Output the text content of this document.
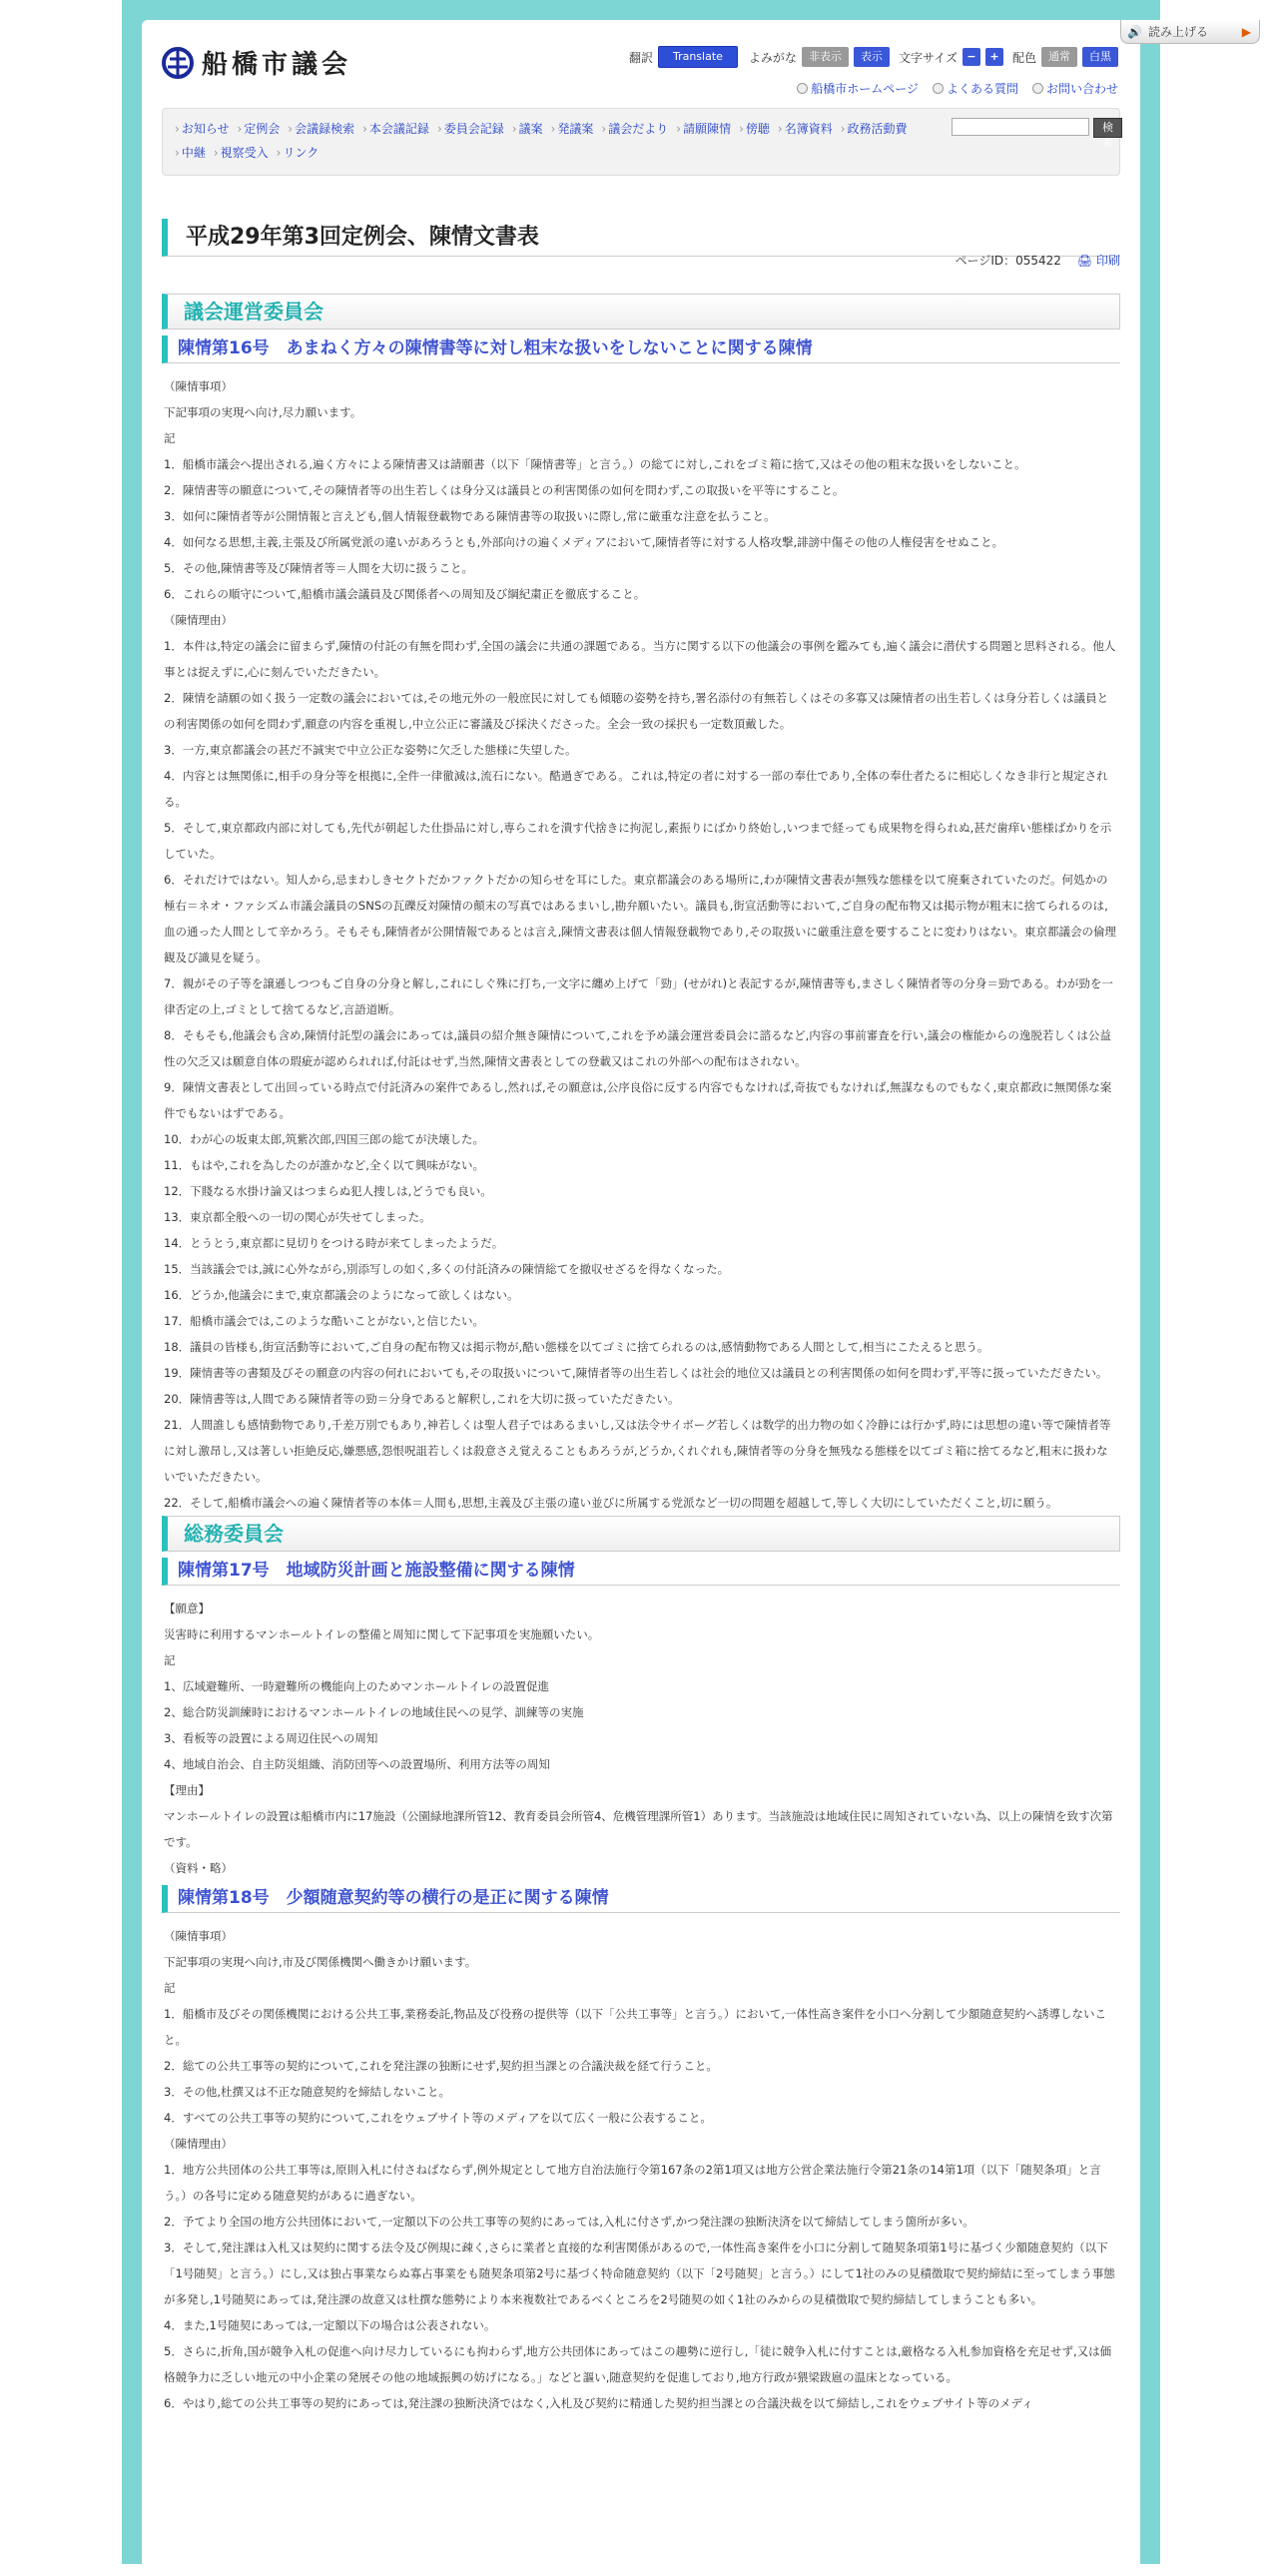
🔊 読み上げる	▶
船橋市議会	翻訳	Translate	よみがな	非表示	表示	文字サイズ −	+	配色	通常	白黒
船橋市ホームページ よくある質問 お問い合わせ
› お知らせ	› 定例会	› 会議録検索	› 本会議記録	› 委員会記録	› 議案	› 発議案	› 議会だより	› 請願陳情	› 傍聴	› 名簿資料	› 政務活動費
› 中継	› 視察受入	› リンク
検索
平成29年第3回定例会、陳情文書表
ページID：055422 🖨 印刷
議会運営委員会
陳情第16号　あまねく方々の陳情書等に対し粗末な扱いをしないことに関する陳情

（陳情事項）

下記事項の実現へ向け,尽力願います。

記

1．船橋市議会へ提出される,遍く方々による陳情書又は請願書（以下「陳情書等」と言う。）の総てに対し,これをゴミ箱に捨て,又はその他の粗末な扱いをしないこと。

2．陳情書等の願意について,その陳情者等の出生若しくは身分又は議員との利害関係の如何を問わず,この取扱いを平等にすること。

3．如何に陳情者等が公開情報と言えども,個人情報登載物である陳情書等の取扱いに際し,常に厳重な注意を払うこと。

4．如何なる思想,主義,主張及び所属党派の違いがあろうとも,外部向けの遍くメディアにおいて,陳情者等に対する人格攻撃,誹謗中傷その他の人権侵害をせぬこと。

5．その他,陳情書等及び陳情者等＝人間を大切に扱うこと。

6．これらの順守について,船橋市議会議員及び関係者への周知及び綱紀粛正を徹底すること。

（陳情理由）

1．本件は,特定の議会に留まらず,陳情の付託の有無を問わず,全国の議会に共通の課題である。当方に関する以下の他議会の事例を鑑みても,遍く議会に潜伏する問題と思料される。他人事とは捉えずに,心に刻んでいただきたい。

2．陳情を請願の如く扱う一定数の議会においては,その地元外の一般庶民に対しても傾聴の姿勢を持ち,署名添付の有無若しくはその多寡又は陳情者の出生若しくは身分若しくは議員との利害関係の如何を問わず,願意の内容を重視し,中立公正に審議及び採決くださった。全会一致の採択も一定数頂戴した。

3．一方,東京都議会の甚だ不誠実で中立公正な姿勢に欠乏した態様に失望した。

4．内容とは無関係に,相手の身分等を根拠に,全件一律徹減は,流石にない。酷過ぎである。これは,特定の者に対する一部の奉仕であり,全体の奉仕者たるに相応しくなき非行と規定される。

5．そして,東京都政内部に対しても,先代が朝起した仕掛品に対し,専らこれを潰す代捨きに拘泥し,素振りにばかり終始し,いつまで経っても成果物を得られぬ,甚だ歯痒い態様ばかりを示していた。

6．それだけではない。知人から,忌まわしきセクトだかファクトだかの知らせを耳にした。東京都議会のある場所に,わが陳情文書表が無残な態様を以て廃棄されていたのだ。何処かの極右＝ネオ・ファシズム市議会議員のSNSの瓦礫反対陳情の顛末の写真ではあるまいし,勘弁願いたい。議員も,街宣活動等において,ご自身の配布物又は掲示物が粗末に捨てられるのは,血の通った人間として辛かろう。そもそも,陳情者が公開情報であるとは言え,陳情文書表は個人情報登載物であり,その取扱いに厳重注意を要することに変わりはない。東京都議会の倫理観及び識見を疑う。

7．親がその子等を譲遜しつつもご自身の分身と解し,これにしぐ殊に打ち,一文字に纏め上げて「勁」(せがれ)と表記するが,陳情書等も,まさしく陳情者等の分身＝勁である。わが勁を一律否定の上,ゴミとして捨てるなど,言語道断。

8．そもそも,他議会も含め,陳情付託型の議会にあっては,議員の紹介無き陳情について,これを予め議会運営委員会に諮るなど,内容の事前審査を行い,議会の権能からの逸脱若しくは公益性の欠乏又は願意自体の瑕疵が認められれば,付託はせず,当然,陳情文書表としての登載又はこれの外部への配布はされない。

9．陳情文書表として出回っている時点で付託済みの案件であるし,然れば,その願意は,公序良俗に反する内容でもなければ,奇抜でもなければ,無謀なものでもなく,東京都政に無関係な案件でもないはずである。

10．わが心の坂東太郎,筑紫次郎,四国三郎の総てが決壊した。

11．もはや,これを為したのが誰かなど,全く以て興味がない。

12．下賤なる水掛け論又はつまらぬ犯人捜しは,どうでも良い。

13．東京都全般への一切の関心が失せてしまった。

14．とうとう,東京都に見切りをつける時が来てしまったようだ。

15．当該議会では,誠に心外ながら,別添写しの如く,多くの付託済みの陳情総てを撤収せざるを得なくなった。

16．どうか,他議会にまで,東京都議会のようになって欲しくはない。

17．船橋市議会では,このような酷いことがない,と信じたい。

18．議員の皆様も,街宣活動等において,ご自身の配布物又は掲示物が,酷い態様を以てゴミに捨てられるのは,感情動物である人間として,相当にこたえると思う。

19．陳情書等の書類及びその願意の内容の何れにおいても,その取扱いについて,陳情者等の出生若しくは社会的地位又は議員との利害関係の如何を問わず,平等に扱っていただきたい。

20．陳情書等は,人間である陳情者等の勁＝分身であると解釈し,これを大切に扱っていただきたい。

21．人間誰しも感情動物であり,千差万別でもあり,神若しくは聖人君子ではあるまいし,又は法令サイボーグ若しくは数学的出力物の如く冷静には行かず,時には思想の違い等で陳情者等に対し激昂し,又は著しい拒絶反応,嫌悪感,怨恨呪詛若しくは殺意さえ覚えることもあろうが,どうか,くれぐれも,陳情者等の分身を無残なる態様を以てゴミ箱に捨てるなど,粗末に扱わないでいただきたい。

22．そして,船橋市議会への遍く陳情者等の本体＝人間も,思想,主義及び主張の違い並びに所属する党派など一切の問題を超越して,等しく大切にしていただくこと,切に願う。

総務委員会
陳情第17号　地域防災計画と施設整備に関する陳情

【願意】

災害時に利用するマンホールトイレの整備と周知に関して下記事項を実施願いたい。

記

1、広域避難所、一時避難所の機能向上のためマンホールトイレの設置促進

2、総合防災訓練時におけるマンホールトイレの地域住民への見学、訓練等の実施

3、看板等の設置による周辺住民への周知

4、地域自治会、自主防災組織、消防団等への設置場所、利用方法等の周知

【理由】

マンホールトイレの設置は船橋市内に17施設（公園緑地課所管12、教育委員会所管4、危機管理課所管1）あります。当該施設は地域住民に周知されていない為、以上の陳情を致す次第です。

（資料・略）

陳情第18号　少額随意契約等の横行の是正に関する陳情

（陳情事項）

下記事項の実現へ向け,市及び関係機関へ働きかけ願います。

記

1．船橋市及びその関係機関における公共工事,業務委託,物品及び役務の提供等（以下「公共工事等」と言う。）において,一体性高き案件を小口へ分割して少額随意契約へ誘導しないこと。

2．総ての公共工事等の契約について,これを発注課の独断にせず,契約担当課との合議決裁を経て行うこと。

3．その他,杜撰又は不正な随意契約を締結しないこと。

4．すべての公共工事等の契約について,これをウェブサイト等のメディアを以て広く一般に公表すること。

（陳情理由）

1．地方公共団体の公共工事等は,原則入札に付さねばならず,例外規定として地方自治法施行令第167条の2第1項又は地方公営企業法施行令第21条の14第1項（以下「随契条項」と言う。）の各号に定める随意契約があるに過ぎない。

2．予てより全国の地方公共団体において,一定額以下の公共工事等の契約にあっては,入札に付さず,かつ発注課の独断決済を以て締結してしまう箇所が多い。

3．そして,発注課は入札又は契約に関する法令及び例規に疎く,さらに業者と直接的な利害関係があるので,一体性高き案件を小口に分割して随契条項第1号に基づく少額随意契約（以下「1号随契」と言う。）にし,又は独占事業ならぬ寡占事業をも随契条項第2号に基づく特命随意契約（以下「2号随契」と言う。）にして1社のみの見積徴取で契約締結に至ってしまう事態が多発し,1号随契にあっては,発注課の故意又は杜撰な態勢により本来複数社であるべくところを2号随契の如く1社のみからの見積徴取で契約締結してしまうことも多い。

4．また,1号随契にあっては,一定額以下の場合は公表されない。

5．さらに,折角,国が競争入札の促進へ向け尽力しているにも拘わらず,地方公共団体にあってはこの趣勢に逆行し,「徒に競争入札に付すことは,厳格なる入札参加資格を充足せず,又は価格競争力に乏しい地元の中小企業の発展その他の地域振興の妨げになる。」などと謳い,随意契約を促進しており,地方行政が猥梁跋扈の温床となっている。

6．やはり,総ての公共工事等の契約にあっては,発注課の独断決済ではなく,入札及び契約に精通した契約担当課との合議決裁を以て締結し,これをウェブサイト等のメディ
